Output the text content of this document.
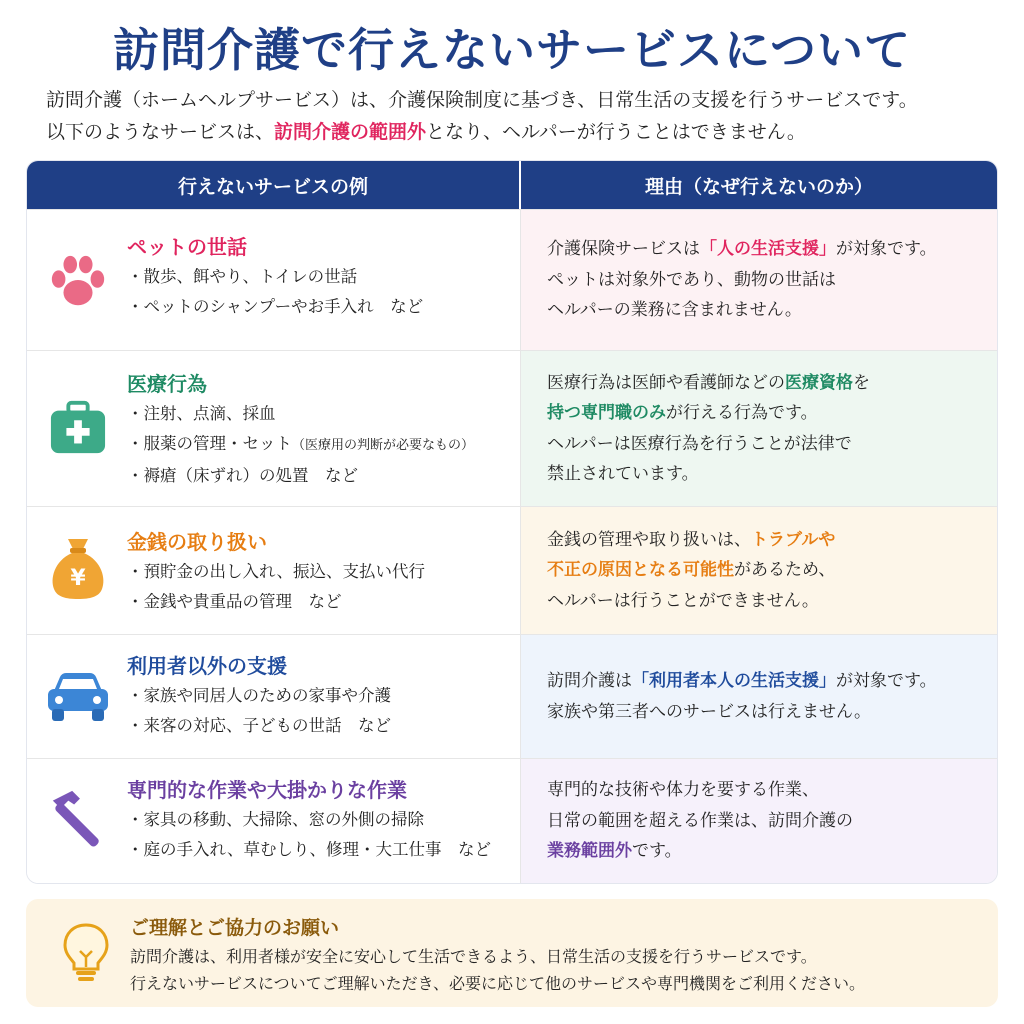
訪問介護で行えないサービスについて
訪問介護（ホームヘルプサービス）は、介護保険制度に基づき、日常生活の支援を行うサービスです。
以下のようなサービスは、訪問介護の範囲外となり、ヘルパーが行うことはできません。
行えないサービスの例	理由（なぜ行えないのか）
ペットの世話
・散歩、餌やり、トイレの世話
・ペットのシャンプーやお手入れ　など
介護保険サービスは「人の生活支援」が対象です。
ペットは対象外であり、動物の世話は
ヘルパーの業務に含まれません。
医療行為
・注射、点滴、採血
・服薬の管理・セット（医療用の判断が必要なもの）
・褥瘡（床ずれ）の処置　など
医療行為は医師や看護師などの医療資格を
持つ専門職のみが行える行為です。
ヘルパーは医療行為を行うことが法律で
禁止されています。
¥
金銭の取り扱い
・預貯金の出し入れ、振込、支払い代行
・金銭や貴重品の管理　など
金銭の管理や取り扱いは、トラブルや
不正の原因となる可能性があるため、
ヘルパーは行うことができません。
利用者以外の支援
・家族や同居人のための家事や介護
・来客の対応、子どもの世話　など
訪問介護は「利用者本人の生活支援」が対象です。
家族や第三者へのサービスは行えません。
専門的な作業や大掛かりな作業
・家具の移動、大掃除、窓の外側の掃除
・庭の手入れ、草むしり、修理・大工仕事　など
専門的な技術や体力を要する作業、
日常の範囲を超える作業は、訪問介護の
業務範囲外です。
ご理解とご協力のお願い
訪問介護は、利用者様が安全に安心して生活できるよう、日常生活の支援を行うサービスです。
行えないサービスについてご理解いただき、必要に応じて他のサービスや専門機関をご利用ください。
